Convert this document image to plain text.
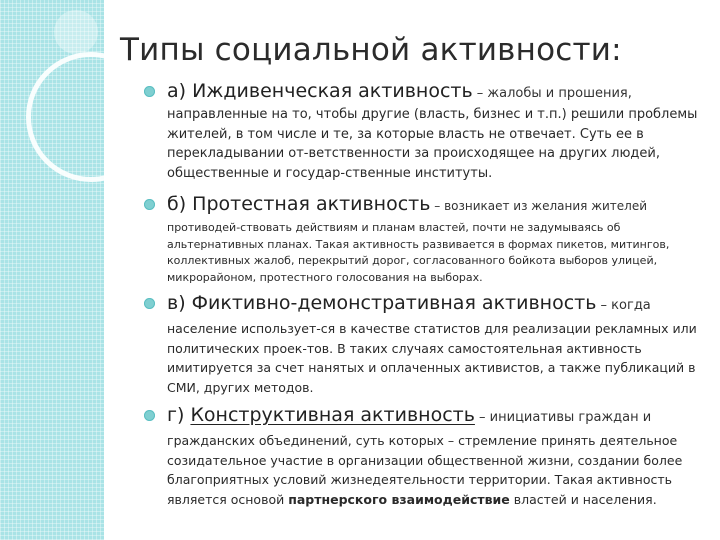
Типы социальной активности:
а) Иждивенческая активность – жалобы и прошения,
направленные на то, чтобы другие (власть, бизнес и т.п.) решили проблемы
жителей, в том числе и те, за которые власть не отвечает. Суть ее в
перекладывании от-ветственности за происходящее на других людей,
общественные и государ-ственные институты.
б) Протестная активность – возникает из желания жителей
противодей-ствовать действиям и планам властей, почти не задумываясь об
альтернативных планах. Такая активность развивается в формах пикетов, митингов,
коллективных жалоб, перекрытий дорог, согласованного бойкота выборов улицей,
микрорайоном, протестного голосования на выборах.
в) Фиктивно-демонстративная активность – когда
население использует-ся в качестве статистов для реализации рекламных или
политических проек-тов. В таких случаях самостоятельная активность
имитируется за счет нанятых и оплаченных активистов, а также публикаций в
СМИ, других методов.
г) Конструктивная активность – инициативы граждан и
гражданских объединений, суть которых – стремление принять деятельное
созидательное участие в организации общественной жизни, создании более
благоприятных условий жизнедеятельности территории. Такая активность
является основой партнерского взаимодействие властей и населения.
